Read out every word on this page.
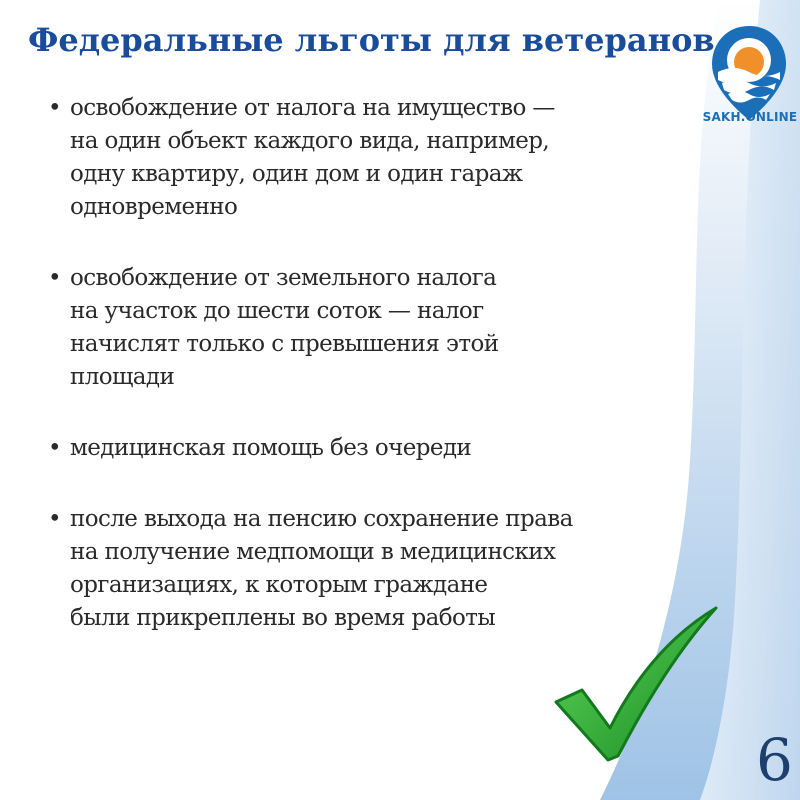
Федеральные льготы для ветеранов
SAKH.ONLINE
• освобождение от налога на имущество —
на один объект каждого вида, например,
одну квартиру, один дом и один гараж
одновременно
• освобождение от земельного налога
на участок до шести соток — налог
начислят только с превышения этой
площади
• медицинская помощь без очереди
• после выхода на пенсию сохранение права
на получение медпомощи в медицинских
организациях, к которым граждане
были прикреплены во время работы
6
